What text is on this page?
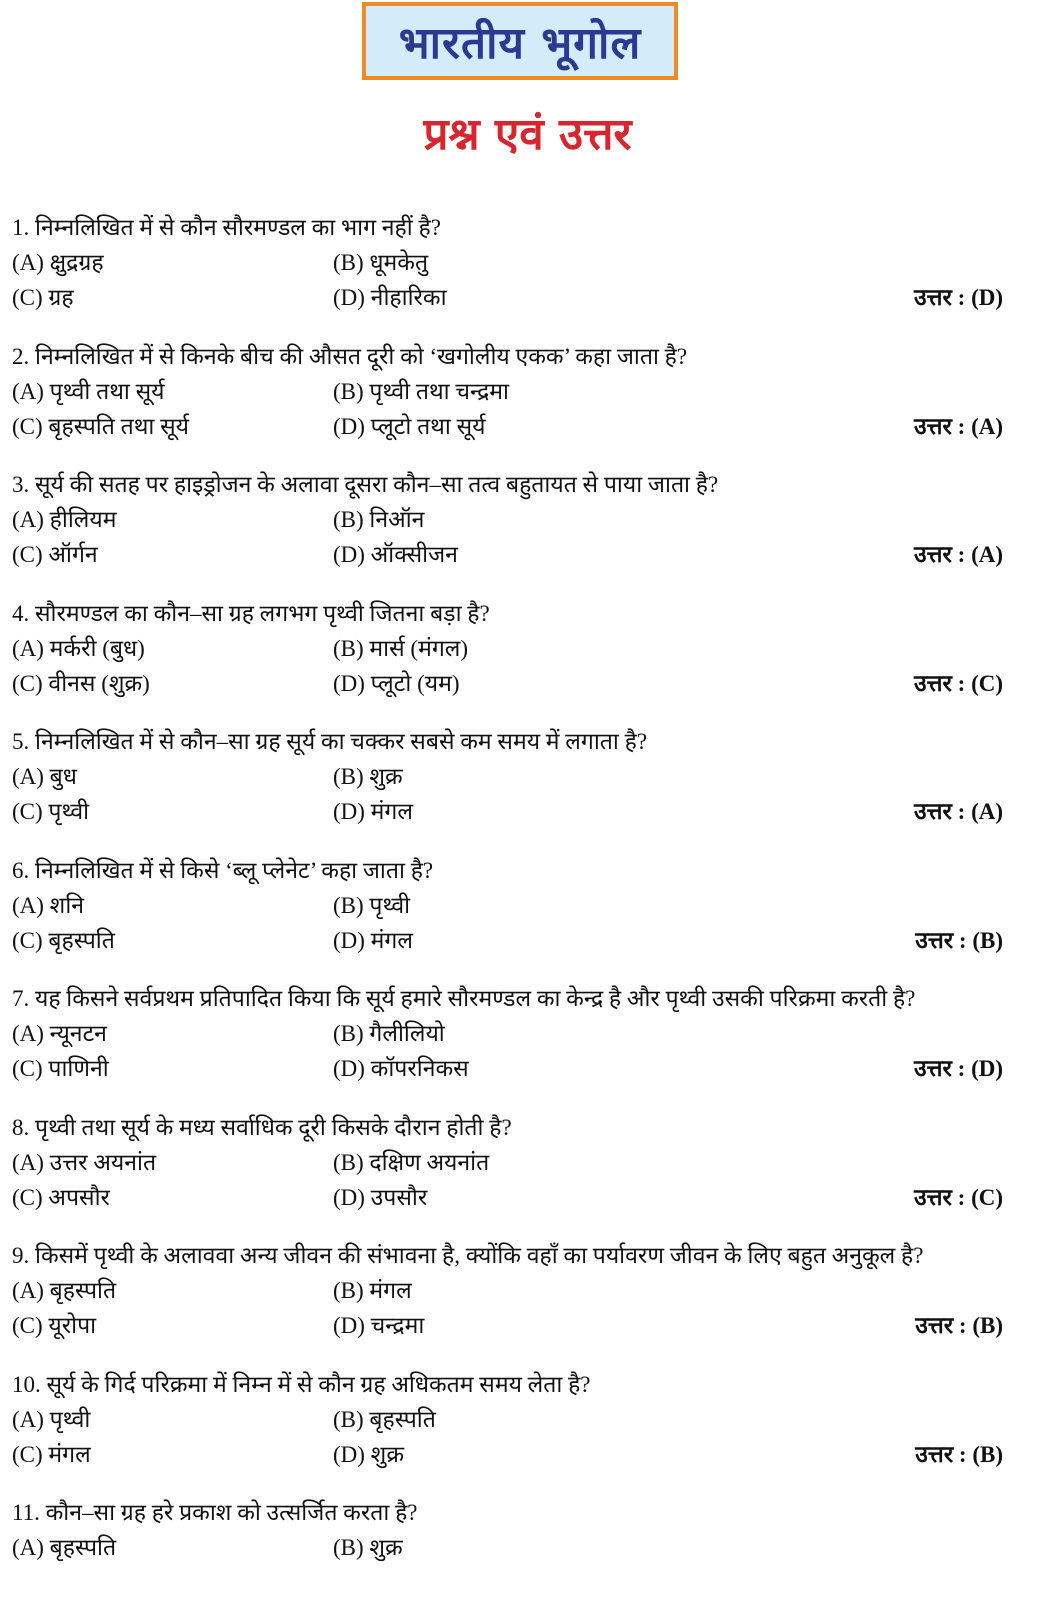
भारतीय भूगोल
प्रश्न एवं उत्तर
1. निम्नलिखित में से कौन सौरमण्डल का भाग नहीं है?
(A) क्षुद्रग्रह	(B) धूमकेतु
(C) ग्रह	(D) नीहारिका	उत्तर : (D)
2. निम्नलिखित में से किनके बीच की औसत दूरी को ‘खगोलीय एकक’ कहा जाता है?
(A) पृथ्वी तथा सूर्य	(B) पृथ्वी तथा चन्द्रमा
(C) बृहस्पति तथा सूर्य	(D) प्लूटो तथा सूर्य	उत्तर : (A)
3. सूर्य की सतह पर हाइड्रोजन के अलावा दूसरा कौन–सा तत्व बहुतायत से पाया जाता है?
(A) हीलियम	(B) निऑन
(C) ऑर्गन	(D) ऑक्सीजन	उत्तर : (A)
4. सौरमण्डल का कौन–सा ग्रह लगभग पृथ्वी जितना बड़ा है?
(A) मर्करी (बुध)	(B) मार्स (मंगल)
(C) वीनस (शुक्र)	(D) प्लूटो (यम)	उत्तर : (C)
5. निम्नलिखित में से कौन–सा ग्रह सूर्य का चक्कर सबसे कम समय में लगाता है?
(A) बुध	(B) शुक्र
(C) पृथ्वी	(D) मंगल	उत्तर : (A)
6. निम्नलिखित में से किसे ‘ब्लू प्लेनेट’ कहा जाता है?
(A) शनि	(B) पृथ्वी
(C) बृहस्पति	(D) मंगल	उत्तर : (B)
7. यह किसने सर्वप्रथम प्रतिपादित किया कि सूर्य हमारे सौरमण्डल का केन्द्र है और पृथ्वी उसकी परिक्रमा करती है?
(A) न्यूनटन	(B) गैलीलियो
(C) पाणिनी	(D) कॉपरनिकस	उत्तर : (D)
8. पृथ्वी तथा सूर्य के मध्य सर्वाधिक दूरी किसके दौरान होती है?
(A) उत्तर अयनांत	(B) दक्षिण अयनांत
(C) अपसौर	(D) उपसौर	उत्तर : (C)
9. किसमें पृथ्वी के अलाववा अन्य जीवन की संभावना है, क्योंकि वहाँ का पर्यावरण जीवन के लिए बहुत अनुकूल है?
(A) बृहस्पति	(B) मंगल
(C) यूरोपा	(D) चन्द्रमा	उत्तर : (B)
10. सूर्य के गिर्द परिक्रमा में निम्न में से कौन ग्रह अधिकतम समय लेता है?
(A) पृथ्वी	(B) बृहस्पति
(C) मंगल	(D) शुक्र	उत्तर : (B)
11. कौन–सा ग्रह हरे प्रकाश को उत्सर्जित करता है?
(A) बृहस्पति	(B) शुक्र
